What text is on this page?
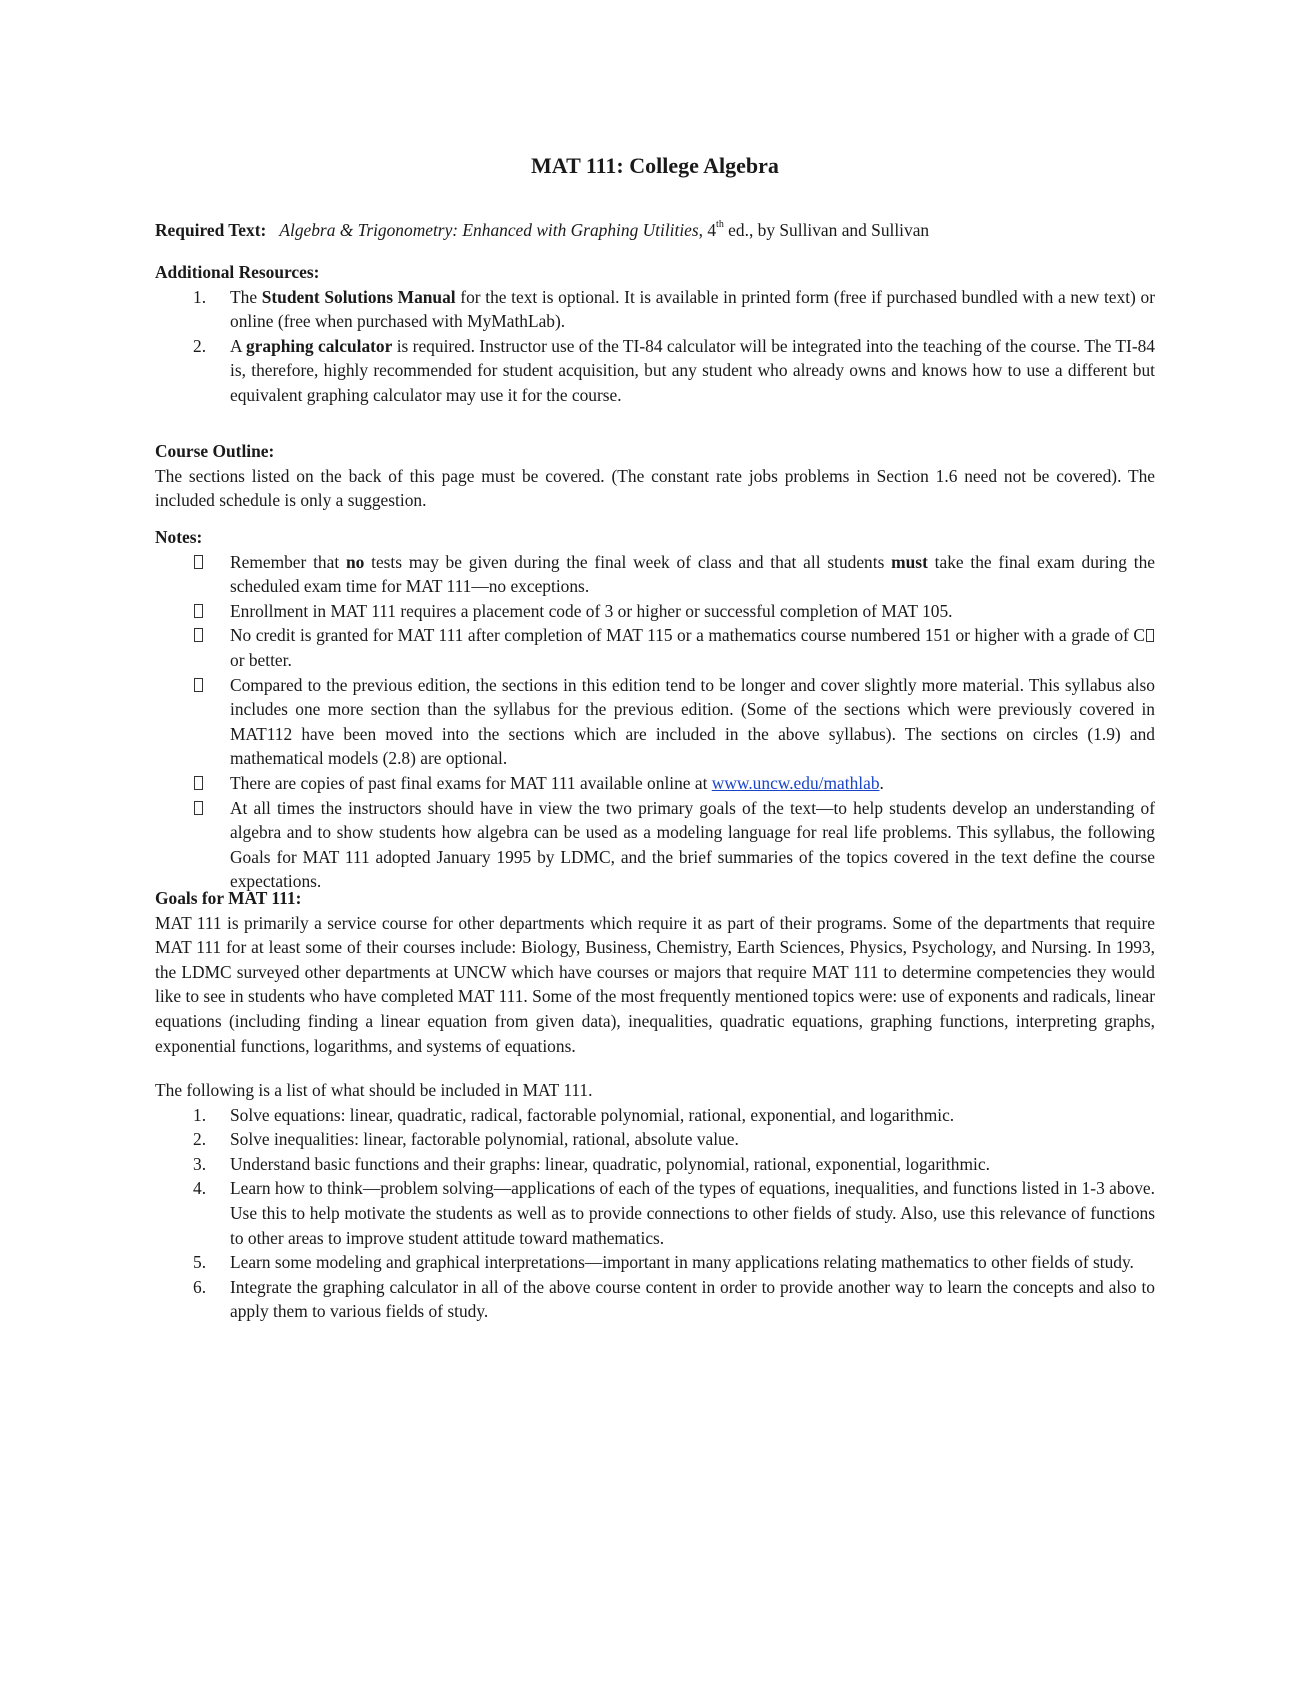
MAT 111: College Algebra
Required Text: Algebra & Trigonometry: Enhanced with Graphing Utilities, 4th ed., by Sullivan and Sullivan
Additional Resources:
1. The Student Solutions Manual for the text is optional. It is available in printed form (free if purchased bundled with a new text) or online (free when purchased with MyMathLab).
2. A graphing calculator is required. Instructor use of the TI-84 calculator will be integrated into the teaching of the course. The TI-84 is, therefore, highly recommended for student acquisition, but any student who already owns and knows how to use a different but equivalent graphing calculator may use it for the course.
Course Outline:
The sections listed on the back of this page must be covered. (The constant rate jobs problems in Section 1.6 need not be covered). The included schedule is only a suggestion.
Notes:
Remember that no tests may be given during the final week of class and that all students must take the final exam during the scheduled exam time for MAT 111—no exceptions.
Enrollment in MAT 111 requires a placement code of 3 or higher or successful completion of MAT 105.
No credit is granted for MAT 111 after completion of MAT 115 or a mathematics course numbered 151 or higher with a grade of C or better.
Compared to the previous edition, the sections in this edition tend to be longer and cover slightly more material. This syllabus also includes one more section than the syllabus for the previous edition. (Some of the sections which were previously covered in MAT112 have been moved into the sections which are included in the above syllabus). The sections on circles (1.9) and mathematical models (2.8) are optional.
There are copies of past final exams for MAT 111 available online at www.uncw.edu/mathlab.
At all times the instructors should have in view the two primary goals of the text—to help students develop an understanding of algebra and to show students how algebra can be used as a modeling language for real life problems. This syllabus, the following Goals for MAT 111 adopted January 1995 by LDMC, and the brief summaries of the topics covered in the text define the course expectations.
Goals for MAT 111:
MAT 111 is primarily a service course for other departments which require it as part of their programs. Some of the departments that require MAT 111 for at least some of their courses include: Biology, Business, Chemistry, Earth Sciences, Physics, Psychology, and Nursing. In 1993, the LDMC surveyed other departments at UNCW which have courses or majors that require MAT 111 to determine competencies they would like to see in students who have completed MAT 111. Some of the most frequently mentioned topics were: use of exponents and radicals, linear equations (including finding a linear equation from given data), inequalities, quadratic equations, graphing functions, interpreting graphs, exponential functions, logarithms, and systems of equations.
The following is a list of what should be included in MAT 111.
1. Solve equations: linear, quadratic, radical, factorable polynomial, rational, exponential, and logarithmic.
2. Solve inequalities: linear, factorable polynomial, rational, absolute value.
3. Understand basic functions and their graphs: linear, quadratic, polynomial, rational, exponential, logarithmic.
4. Learn how to think—problem solving—applications of each of the types of equations, inequalities, and functions listed in 1-3 above. Use this to help motivate the students as well as to provide connections to other fields of study. Also, use this relevance of functions to other areas to improve student attitude toward mathematics.
5. Learn some modeling and graphical interpretations—important in many applications relating mathematics to other fields of study.
6. Integrate the graphing calculator in all of the above course content in order to provide another way to learn the concepts and also to apply them to various fields of study.
